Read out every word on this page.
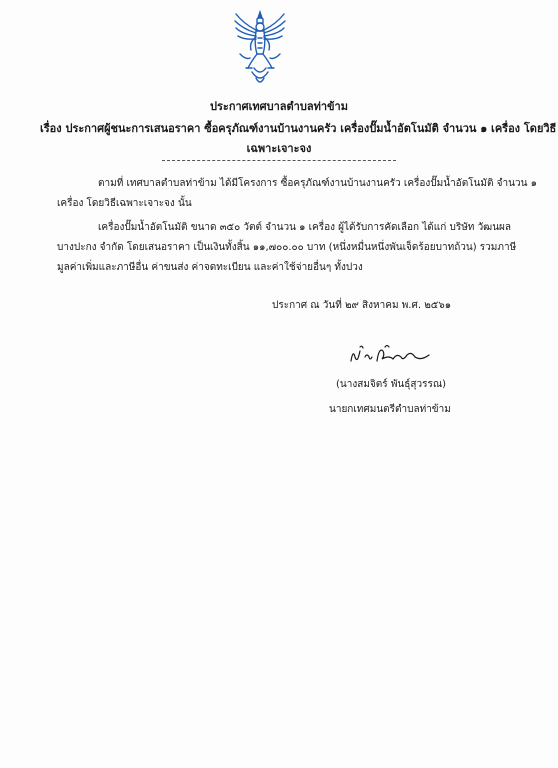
ประกาศเทศบาลตำบลท่าข้าม
เรื่อง ประกาศผู้ชนะการเสนอราคา ซื้อครุภัณฑ์งานบ้านงานครัว เครื่องปั๊มน้ำอัตโนมัติ จำนวน ๑ เครื่อง โดยวิธี
เฉพาะเจาะจง
ตามที่ เทศบาลตำบลท่าข้าม ได้มีโครงการ ซื้อครุภัณฑ์งานบ้านงานครัว เครื่องปั๊มน้ำอัตโนมัติ จำนวน ๑
เครื่อง โดยวิธีเฉพาะเจาะจง นั้น
เครื่องปั๊มน้ำอัตโนมัติ ขนาด ๓๕๐ วัตต์ จำนวน ๑ เครื่อง ผู้ได้รับการคัดเลือก ได้แก่ บริษัท วัฒนผล
บางปะกง จำกัด โดยเสนอราคา เป็นเงินทั้งสิ้น ๑๑,๗๐๐.๐๐ บาท (หนึ่งหมื่นหนึ่งพันเจ็ดร้อยบาทถ้วน) รวมภาษี
มูลค่าเพิ่มและภาษีอื่น ค่าขนส่ง ค่าจดทะเบียน และค่าใช้จ่ายอื่นๆ ทั้งปวง
ประกาศ ณ วันที่ ๒๙ สิงหาคม พ.ศ. ๒๕๖๑
(นางสมจิตร์ พันธุ์สุวรรณ)
นายกเทศมนตรีตำบลท่าข้าม
